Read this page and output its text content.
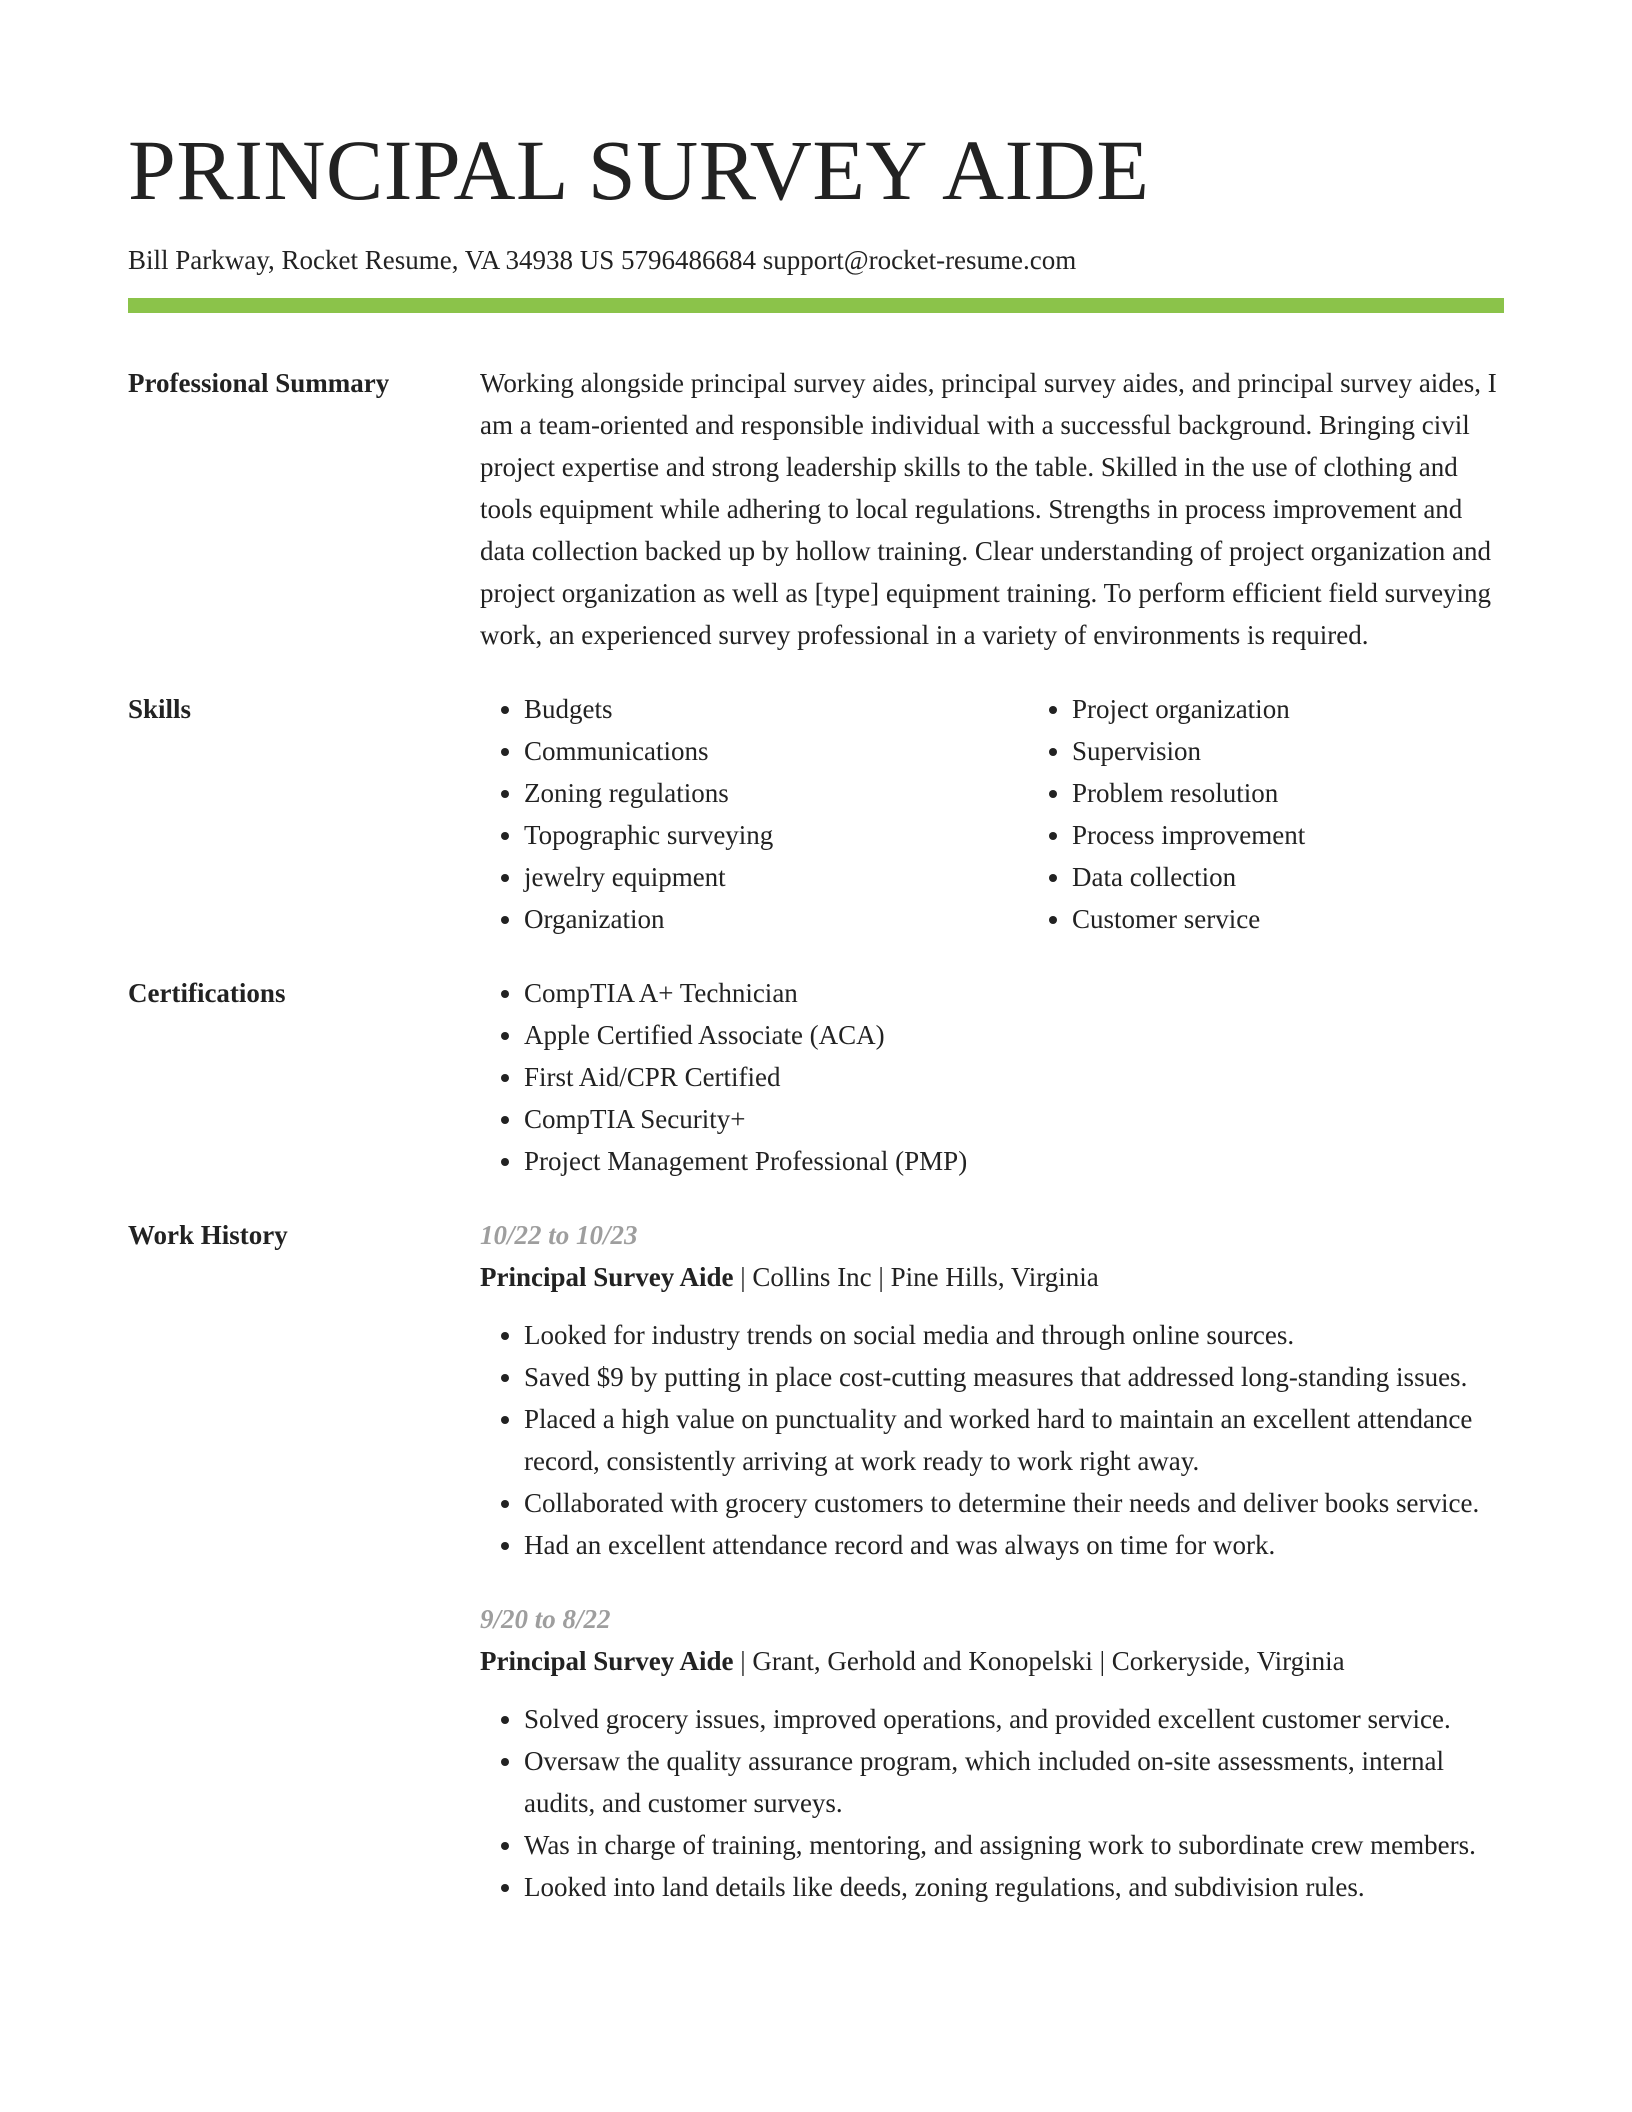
PRINCIPAL SURVEY AIDE
Bill Parkway, Rocket Resume, VA 34938 US 5796486684 support@rocket-resume.com
Professional Summary	Working alongside principal survey aides, principal survey aides, and principal survey aides, I am a team-oriented and responsible individual with a successful background. Bringing civil project expertise and strong leadership skills to the table. Skilled in the use of clothing and tools equipment while adhering to local regulations. Strengths in process improvement and data collection backed up by hollow training. Clear understanding of project organization and project organization as well as [type] equipment training. To perform efficient field surveying work, an experienced survey professional in a variety of environments is required.

Skills	• Budgets
• Communications
• Zoning regulations
• Topographic surveying
• jewelry equipment
• Organization
• Project organization
• Supervision
• Problem resolution
• Process improvement
• Data collection
• Customer service
Certifications	• CompTIA A+ Technician
• Apple Certified Associate (ACA)
• First Aid/CPR Certified
• CompTIA Security+
• Project Management Professional (PMP)
Work History	10/22 to 10/23
Principal Survey Aide | Collins Inc | Pine Hills, Virginia
• Looked for industry trends on social media and through online sources.
• Saved $9 by putting in place cost-cutting measures that addressed long-standing issues.
• Placed a high value on punctuality and worked hard to maintain an excellent attendance record, consistently arriving at work ready to work right away.
• Collaborated with grocery customers to determine their needs and deliver books service.
• Had an excellent attendance record and was always on time for work.
9/20 to 8/22
Principal Survey Aide | Grant, Gerhold and Konopelski | Corkeryside, Virginia
• Solved grocery issues, improved operations, and provided excellent customer service.
• Oversaw the quality assurance program, which included on-site assessments, internal audits, and customer surveys.
• Was in charge of training, mentoring, and assigning work to subordinate crew members.
• Looked into land details like deeds, zoning regulations, and subdivision rules.
